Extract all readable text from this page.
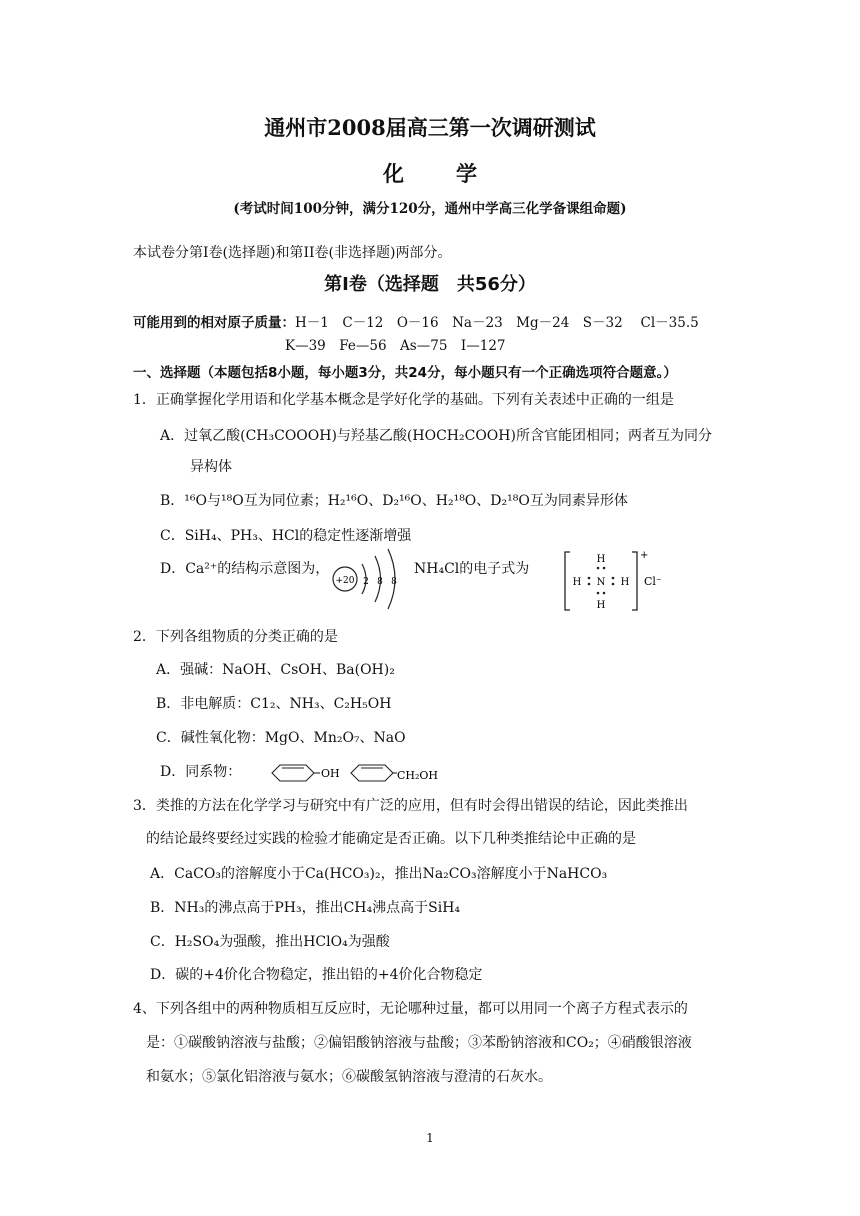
通州市2008届高三第一次调研测试
化学
(考试时间100分钟，满分120分，通州中学高三化学备课组命题)
本试卷分第I卷(选择题)和第II卷(非选择题)两部分。
第Ⅰ卷（选择题　共56分）
可能用到的相对原子质量：H－1　C－12　O－16　Na－23　Mg－24　S－32　 Cl－35.5
K—39　Fe—56　As—75　I—127
一、选择题（本题包括8小题，每小题3分，共24分，每小题只有一个正确选项符合题意。）
1．正确掌握化学用语和化学基本概念是学好化学的基础。下列有关表述中正确的一组是
A．过氧乙酸(CH₃COOOH)与羟基乙酸(HOCH₂COOH)所含官能团相同；两者互为同分
异构体
B．¹⁶O与¹⁸O互为同位素；H₂¹⁶O、D₂¹⁶O、H₂¹⁸O、D₂¹⁸O互为同素异形体
C．SiH₄、PH₃、HCl的稳定性逐渐增强
D．Ca²⁺的结构示意图为，	NH₄Cl的电子式为
+20 2 8 8
H
H N H
H
+
Cl⁻
2．下列各组物质的分类正确的是
A．强碱：NaOH、CsOH、Ba(OH)₂
B．非电解质：C1₂、NH₃、C₂H₅OH
C．碱性氧化物：MgO、Mn₂O₇、NaO
D．同系物：	OH	CH₂OH
3．类推的方法在化学学习与研究中有广泛的应用，但有时会得出错误的结论，因此类推出
的结论最终要经过实践的检验才能确定是否正确。以下几种类推结论中正确的是
A．CaCO₃的溶解度小于Ca(HCO₃)₂，推出Na₂CO₃溶解度小于NaHCO₃
B．NH₃的沸点高于PH₃，推出CH₄沸点高于SiH₄
C．H₂SO₄为强酸，推出HClO₄为强酸
D．碳的+4价化合物稳定，推出铅的+4价化合物稳定
4、下列各组中的两种物质相互反应时，无论哪种过量，都可以用同一个离子方程式表示的
是：①碳酸钠溶液与盐酸；②偏铝酸钠溶液与盐酸；③苯酚钠溶液和CO₂；④硝酸银溶液
和氨水；⑤氯化铝溶液与氨水；⑥碳酸氢钠溶液与澄清的石灰水。
1
